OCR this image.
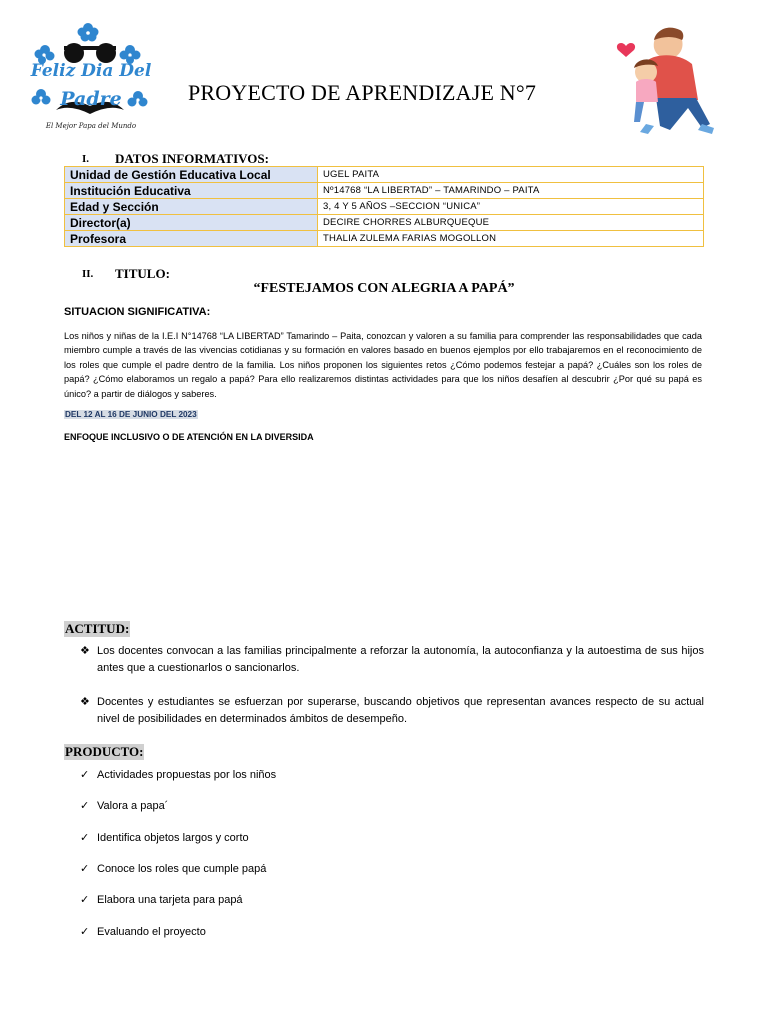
Feliz Dia Del
Padre
El Mejor Papa del Mundo
PROYECTO DE APRENDIZAJE N°7
I. DATOS INFORMATIVOS:
Unidad de Gestión Educativa Local	UGEL PAITA
Institución Educativa	Nº14768 “LA LIBERTAD” – TAMARINDO – PAITA
Edad y Sección	3, 4 Y 5 AÑOS –SECCION “UNICA”
Director(a)	DECIRE CHORRES ALBURQUEQUE
Profesora	THALIA ZULEMA FARIAS MOGOLLON
II. TITULO:
“FESTEJAMOS CON ALEGRIA A PAPÁ”
SITUACION SIGNIFICATIVA:
Los niños y niñas de la I.E.I N°14768 “LA LIBERTAD” Tamarindo – Paita, conozcan y valoren a su familia para comprender las responsabilidades que cada miembro cumple a través de las vivencias cotidianas y su formación en valores basado en buenos ejemplos por ello trabajaremos en el reconocimiento de los roles que cumple el padre dentro de la familia. Los niños proponen los siguientes retos ¿Cómo podemos festejar a papá? ¿Cuáles son los roles de papá? ¿Cómo elaboramos un regalo a papá? Para ello realizaremos distintas actividades para que los niños desafíen al descubrir ¿Por qué su papá es único? a partir de diálogos y saberes.
DEL 12 AL 16 DE JUNIO DEL 2023
ENFOQUE INCLUSIVO O DE ATENCIÓN EN LA DIVERSIDA
ACTITUD:
❖ Los docentes convocan a las familias principalmente a reforzar la autonomía, la autoconfianza y la autoestima de sus hijos antes que a cuestionarlos o sancionarlos.
❖ Docentes y estudiantes se esfuerzan por superarse, buscando objetivos que representan avances respecto de su actual nivel de posibilidades en determinados ámbitos de desempeño.
PRODUCTO:
✓ Actividades propuestas por los niños
✓ Valora a papa´
✓ Identifica objetos largos y corto
✓ Conoce los roles que cumple papá
✓ Elabora una tarjeta para papá
✓ Evaluando el proyecto
